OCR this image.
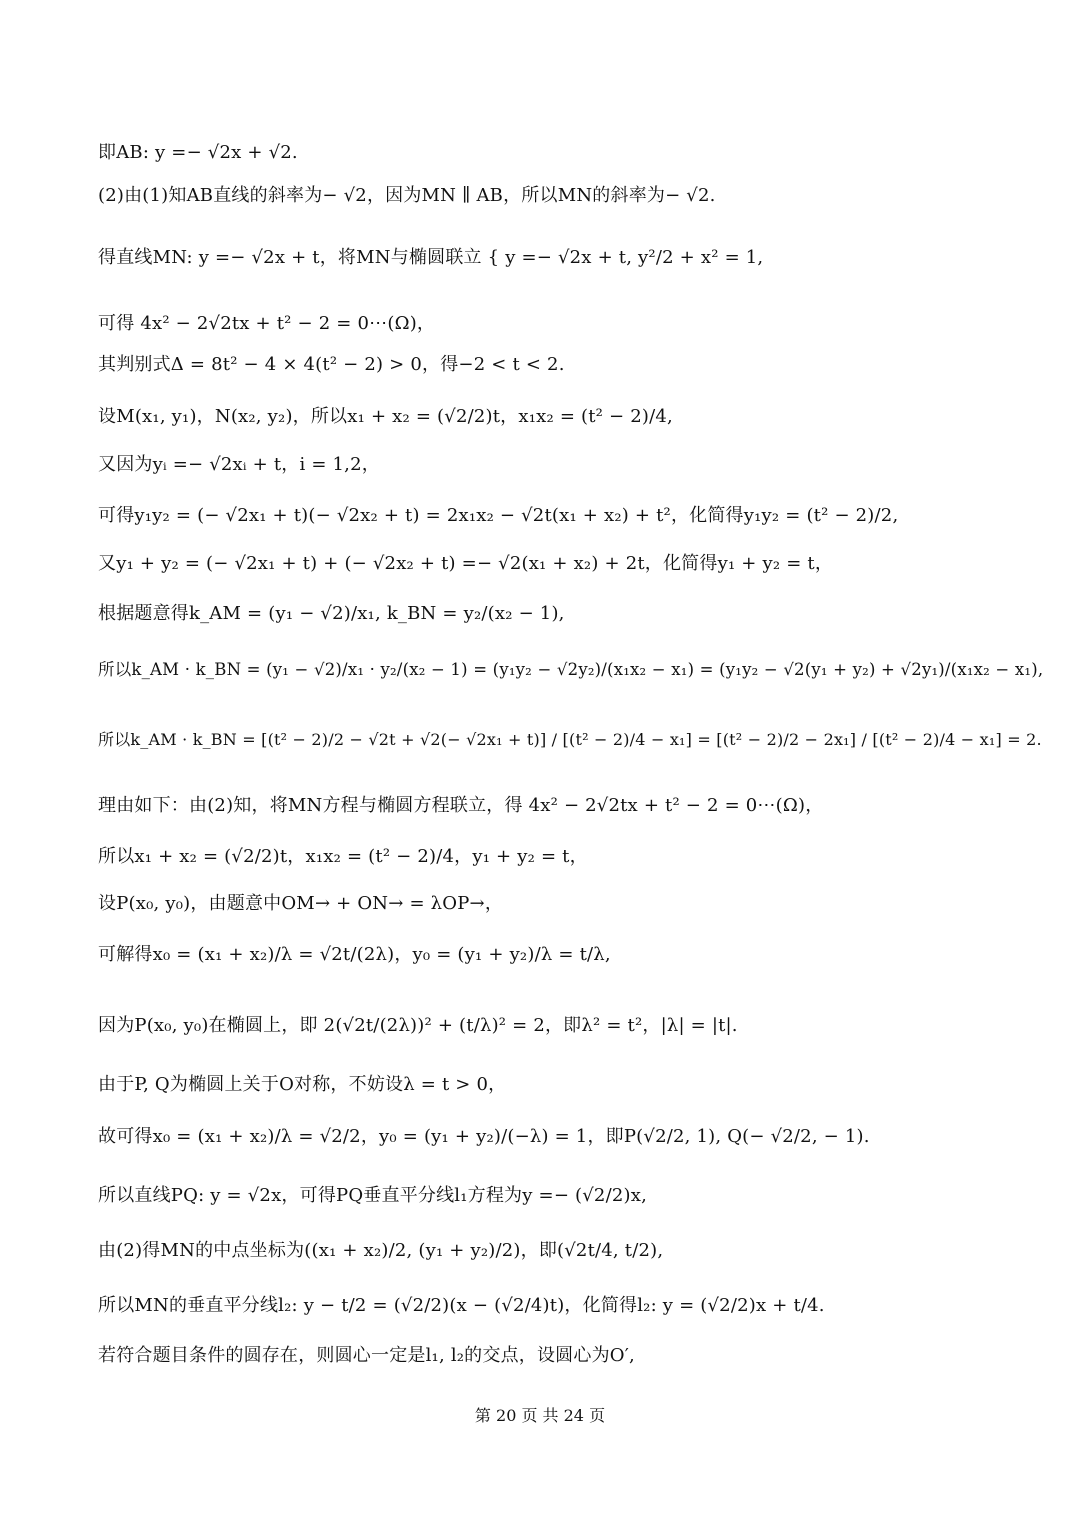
即AB: y =− √2x + √2.
(2)由(1)知AB直线的斜率为− √2，因为MN ∥ AB，所以MN的斜率为− √2.
得直线MN: y =− √2x + t，将MN与椭圆联立 { y =− √2x + t, y²/2 + x² = 1,
可得 4x² − 2√2tx + t² − 2 = 0⋯(Ω)，
其判别式Δ = 8t² − 4 × 4(t² − 2) > 0，得−2 < t < 2.
设M(x₁, y₁)，N(x₂, y₂)，所以x₁ + x₂ = (√2/2)t，x₁x₂ = (t² − 2)/4,
又因为yᵢ =− √2xᵢ + t，i = 1,2，
可得y₁y₂ = (− √2x₁ + t)(− √2x₂ + t) = 2x₁x₂ − √2t(x₁ + x₂) + t²，化简得y₁y₂ = (t² − 2)/2,
又y₁ + y₂ = (− √2x₁ + t) + (− √2x₂ + t) =− √2(x₁ + x₂) + 2t，化简得y₁ + y₂ = t，
根据题意得k_AM = (y₁ − √2)/x₁, k_BN = y₂/(x₂ − 1),
所以k_AM · k_BN = (y₁ − √2)/x₁ · y₂/(x₂ − 1) = (y₁y₂ − √2y₂)/(x₁x₂ − x₁) = (y₁y₂ − √2(y₁ + y₂) + √2y₁)/(x₁x₂ − x₁),
所以k_AM · k_BN = [(t² − 2)/2 − √2t + √2(− √2x₁ + t)] / [(t² − 2)/4 − x₁] = [(t² − 2)/2 − 2x₁] / [(t² − 2)/4 − x₁] = 2.
理由如下：由(2)知，将MN方程与椭圆方程联立，得 4x² − 2√2tx + t² − 2 = 0⋯(Ω)，
所以x₁ + x₂ = (√2/2)t，x₁x₂ = (t² − 2)/4，y₁ + y₂ = t，
设P(x₀, y₀)，由题意中OM→ + ON→ = λOP→，
可解得x₀ = (x₁ + x₂)/λ = √2t/(2λ)，y₀ = (y₁ + y₂)/λ = t/λ,
因为P(x₀, y₀)在椭圆上，即 2(√2t/(2λ))² + (t/λ)² = 2，即λ² = t²，|λ| = |t|.
由于P, Q为椭圆上关于O对称，不妨设λ = t > 0，
故可得x₀ = (x₁ + x₂)/λ = √2/2，y₀ = (y₁ + y₂)/(−λ) = 1，即P(√2/2, 1), Q(− √2/2, − 1).
所以直线PQ: y = √2x，可得PQ垂直平分线l₁方程为y =− (√2/2)x,
由(2)得MN的中点坐标为((x₁ + x₂)/2, (y₁ + y₂)/2)，即(√2t/4, t/2),
所以MN的垂直平分线l₂: y − t/2 = (√2/2)(x − (√2/4)t)，化简得l₂: y = (√2/2)x + t/4.
若符合题目条件的圆存在，则圆心一定是l₁, l₂的交点，设圆心为O′,
第 20 页 共 24 页
